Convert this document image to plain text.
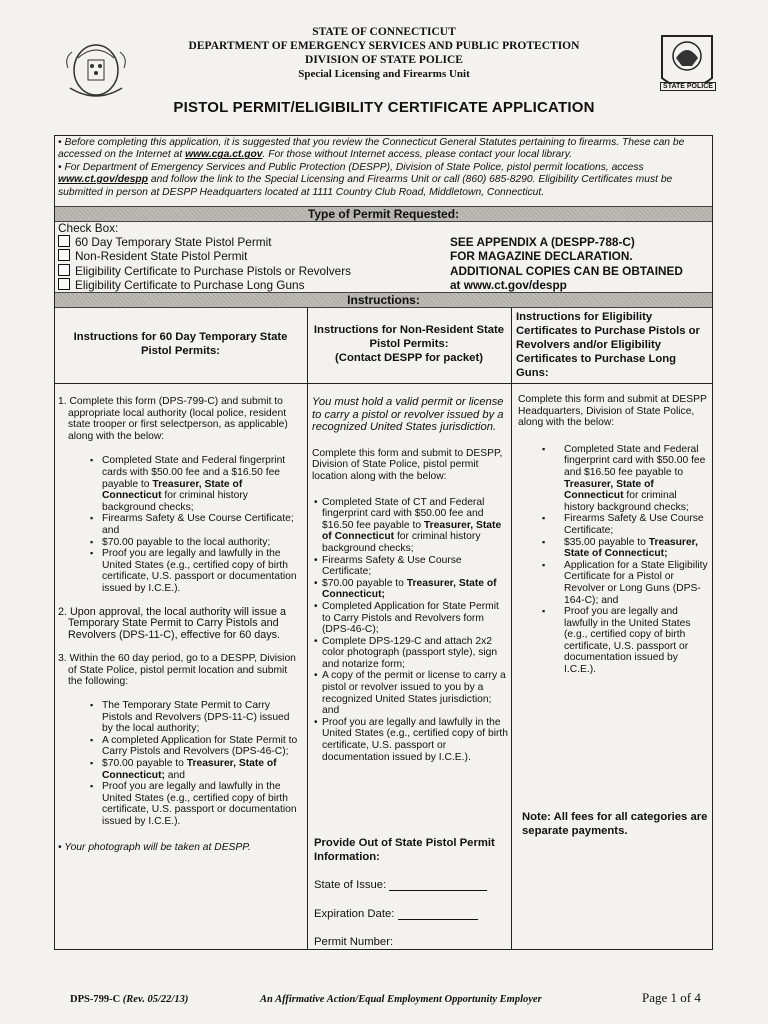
STATE OF CONNECTICUT
DEPARTMENT OF EMERGENCY SERVICES AND PUBLIC PROTECTION
DIVISION OF STATE POLICE
Special Licensing and Firearms Unit
STATE POLICE
PISTOL PERMIT/ELIGIBILITY CERTIFICATE APPLICATION
• Before completing this application, it is suggested that you review the Connecticut General Statutes pertaining to firearms. These can be accessed on the Internet at www.cga.ct.gov. For those without Internet access, please contact your local library.
• For Department of Emergency Services and Public Protection (DESPP), Division of State Police, pistol permit locations, access www.ct.gov/despp and follow the link to the Special Licensing and Firearms Unit or call (860) 685-8290. Eligibility Certificates must be submitted in person at DESPP Headquarters located at 1111 Country Club Road, Middletown, Connecticut.
Type of Permit Requested:
Check Box:
60 Day Temporary State Pistol Permit
Non-Resident State Pistol Permit
Eligibility Certificate to Purchase Pistols or Revolvers
Eligibility Certificate to Purchase Long Guns
SEE APPENDIX A (DESPP-788-C)
FOR MAGAZINE DECLARATION.
ADDITIONAL COPIES CAN BE OBTAINED
at www.ct.gov/despp
Instructions:
Instructions for 60 Day Temporary State Pistol Permits:
Instructions for Non-Resident State Pistol Permits:
(Contact DESPP for packet)
Instructions for Eligibility Certificates to Purchase Pistols or Revolvers and/or Eligibility Certificates to Purchase Long Guns:
1. Complete this form (DPS-799-C) and submit to appropriate local authority (local police, resident state trooper or first selectperson, as applicable) along with the below:
▪ Completed State and Federal fingerprint cards with $50.00 fee and a $16.50 fee payable to Treasurer, State of Connecticut for criminal history background checks;
▪ Firearms Safety & Use Course Certificate; and
▪ $70.00 payable to the local authority;
▪ Proof you are legally and lawfully in the United States (e.g., certified copy of birth certificate, U.S. passport or documentation issued by I.C.E.).
2. Upon approval, the local authority will issue a Temporary State Permit to Carry Pistols and Revolvers (DPS-11-C), effective for 60 days.
3. Within the 60 day period, go to a DESPP, Division of State Police, pistol permit location and submit the following:
▪ The Temporary State Permit to Carry Pistols and Revolvers (DPS-11-C) issued by the local authority;
▪ A completed Application for State Permit to Carry Pistols and Revolvers (DPS-46-C);
▪ $70.00 payable to Treasurer, State of Connecticut; and
▪ Proof you are legally and lawfully in the United States (e.g., certified copy of birth certificate, U.S. passport or documentation issued by I.C.E.).
• Your photograph will be taken at DESPP.
You must hold a valid permit or license to carry a pistol or revolver issued by a recognized United States jurisdiction.
Complete this form and submit to DESPP, Division of State Police, pistol permit location along with the below:
• Completed State of CT and Federal fingerprint card with $50.00 fee and $16.50 fee payable to Treasurer, State of Connecticut for criminal history background checks;
• Firearms Safety & Use Course Certificate;
• $70.00 payable to Treasurer, State of Connecticut;
• Completed Application for State Permit to Carry Pistols and Revolvers form (DPS-46-C);
• Complete DPS-129-C and attach 2x2 color photograph (passport style), sign and notarize form;
• A copy of the permit or license to carry a pistol or revolver issued to you by a recognized United States jurisdiction; and
• Proof you are legally and lawfully in the United States (e.g., certified copy of birth certificate, U.S. passport or documentation issued by I.C.E.).
Provide Out of State Pistol Permit Information:
State of Issue:
Expiration Date:
Permit Number:
Complete this form and submit at DESPP Headquarters, Division of State Police, along with the below:
▪ Completed State and Federal fingerprint card with $50.00 fee and $16.50 fee payable to Treasurer, State of Connecticut for criminal history background checks;
▪ Firearms Safety & Use Course Certificate;
▪ $35.00 payable to Treasurer, State of Connecticut;
▪ Application for a State Eligibility Certificate for a Pistol or Revolver or Long Guns (DPS-164-C); and
▪ Proof you are legally and lawfully in the United States (e.g., certified copy of birth certificate, U.S. passport or documentation issued by I.C.E.).
Note: All fees for all categories are separate payments.
DPS-799-C (Rev. 05/22/13)	An Affirmative Action/Equal Employment Opportunity Employer	Page 1 of 4
